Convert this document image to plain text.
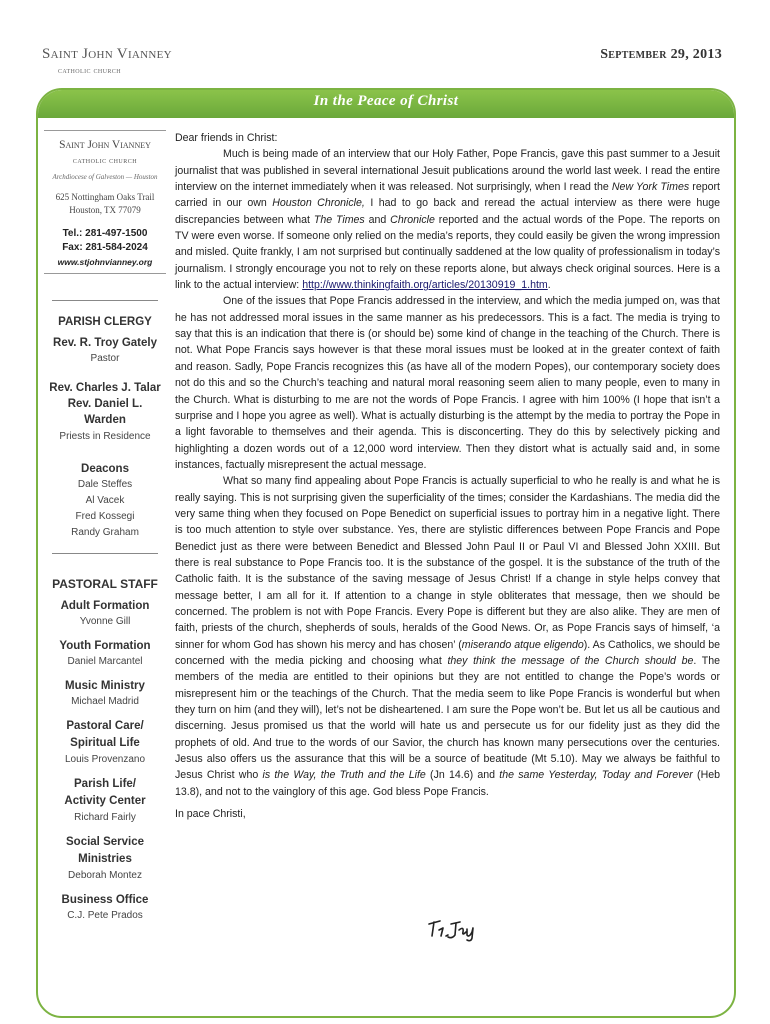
Saint John Vianney
catholic church
September 29, 2013
In the Peace of Christ
Saint John Vianney
catholic church
Archdiocese of Galveston — Houston
625 Nottingham Oaks Trail
Houston, TX 77079
Tel.: 281-497-1500
Fax: 281-584-2024
www.stjohnvianney.org
PARISH CLERGY
Rev. R. Troy Gately
Pastor
Rev. Charles J. Talar
Rev. Daniel L. Warden
Priests in Residence
Deacons
Dale Steffes
Al Vacek
Fred Kossegi
Randy Graham
PASTORAL STAFF
Adult Formation
Yvonne Gill
Youth Formation
Daniel Marcantel
Music Ministry
Michael Madrid
Pastoral Care/ Spiritual Life
Louis Provenzano
Parish Life/ Activity Center
Richard Fairly
Social Service Ministries
Deborah Montez
Business Office
C.J. Pete Prados

Dear friends in Christ:

Much is being made of an interview that our Holy Father, Pope Francis, gave this past summer to a Jesuit journalist that was published in several international Jesuit publications around the world last week. I read the entire interview on the internet immediately when it was released. Not surprisingly, when I read the New York Times report carried in our own Houston Chronicle, I had to go back and reread the actual interview as there were huge discrepancies between what The Times and Chronicle reported and the actual words of the Pope. The reports on TV were even worse. If someone only relied on the media’s reports, they could easily be given the wrong impression and misled. Quite frankly, I am not surprised but continually saddened at the low quality of professionalism in today’s journalism. I strongly encourage you not to rely on these reports alone, but always check original sources. Here is a link to the actual interview: http://www.thinkingfaith.org/articles/20130919_1.htm.

One of the issues that Pope Francis addressed in the interview, and which the media jumped on, was that he has not addressed moral issues in the same manner as his predecessors. This is a fact. The media is trying to say that this is an indication that there is (or should be) some kind of change in the teaching of the Church. There is not. What Pope Francis says however is that these moral issues must be looked at in the greater context of faith and reason. Sadly, Pope Francis recognizes this (as have all of the modern Popes), our contemporary society does not do this and so the Church’s teaching and natural moral reasoning seem alien to many people, even to many in the Church. What is disturbing to me are not the words of Pope Francis. I agree with him 100% (I hope that isn’t a surprise and I hope you agree as well). What is actually disturbing is the attempt by the media to portray the Pope in a light favorable to themselves and their agenda. This is disconcerting. They do this by selectively picking and highlighting a dozen words out of a 12,000 word interview. Then they distort what is actually said and, in some instances, factually misrepresent the actual message.

What so many find appealing about Pope Francis is actually superficial to who he really is and what he is really saying. This is not surprising given the superficiality of the times; consider the Kardashians. The media did the very same thing when they focused on Pope Benedict on superficial issues to portray him in a negative light. There is too much attention to style over substance. Yes, there are stylistic differences between Pope Francis and Pope Benedict just as there were between Benedict and Blessed John Paul II or Paul VI and Blessed John XXIII. But there is real substance to Pope Francis too. It is the substance of the gospel. It is the substance of the truth of the Catholic faith. It is the substance of the saving message of Jesus Christ! If a change in style helps convey that message better, I am all for it. If attention to a change in style obliterates that message, then we should be concerned. The problem is not with Pope Francis. Every Pope is different but they are also alike. They are men of faith, priests of the church, shepherds of souls, heralds of the Good News. Or, as Pope Francis says of himself, ‘a sinner for whom God has shown his mercy and has chosen’ (miserando atque eligendo). As Catholics, we should be concerned with the media picking and choosing what they think the message of the Church should be. The members of the media are entitled to their opinions but they are not entitled to change the Pope’s words or misrepresent him or the teachings of the Church. That the media seem to like Pope Francis is wonderful but when they turn on him (and they will), let’s not be disheartened. I am sure the Pope won’t be. But let us all be cautious and discerning. Jesus promised us that the world will hate us and persecute us for our fidelity just as they did the prophets of old. And true to the words of our Savior, the church has known many persecutions over the centuries. Jesus also offers us the assurance that this will be a source of beatitude (Mt 5.10). May we always be faithful to Jesus Christ who is the Way, the Truth and the Life (Jn 14.6) and the same Yesterday, Today and Forever (Heb 13.8), and not to the vainglory of this age. God bless Pope Francis.

In pace Christi,
